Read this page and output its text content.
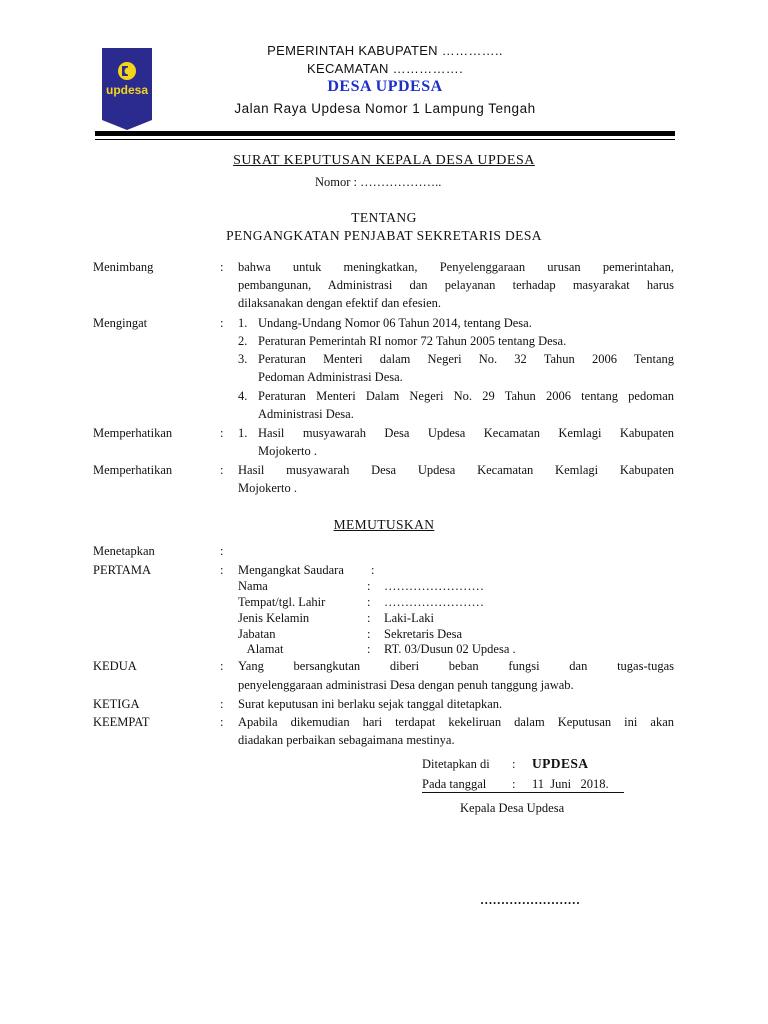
updesa
PEMERINTAH KABUPATEN …………..
KECAMATAN …………….
DESA UPDESA
Jalan Raya Updesa Nomor 1 Lampung Tengah
SURAT KEPUTUSAN KEPALA DESA UPDESA
Nomor : ………………..
TENTANG
PENGANGKATAN PENJABAT SEKRETARIS DESA
Menimbang	: bahwa untuk meningkatkan, Penyelenggaraan urusan pemerintahan,
pembangunan, Administrasi dan pelayanan terhadap masyarakat harus
dilaksanakan dengan efektif dan efesien.
Mengingat	: 1. Undang-Undang Nomor 06 Tahun 2014, tentang Desa.
2. Peraturan Pemerintah RI nomor 72 Tahun 2005 tentang Desa.
3. Peraturan Menteri dalam Negeri No. 32 Tahun 2006 Tentang
Pedoman Administrasi Desa.
4. Peraturan Menteri Dalam Negeri No. 29 Tahun 2006 tentang pedoman
Administrasi Desa.
Memperhatikan	: 1. Hasil musyawarah Desa Updesa Kecamatan Kemlagi Kabupaten
Mojokerto .
Memperhatikan	: Hasil musyawarah Desa Updesa Kecamatan Kemlagi Kabupaten
Mojokerto .
MEMUTUSKAN
Menetapkan	:
PERTAMA	: Mengangkat Saudara :
Nama	: ……………………
Tempat/tgl. Lahir	: ……………………
Jenis Kelamin	: Laki-Laki
Jabatan	: Sekretaris Desa
Alamat	: RT. 03/Dusun 02 Updesa .
KEDUA	: Yang bersangkutan diberi beban fungsi dan tugas-tugas
penyelenggaraan administrasi Desa dengan penuh tanggung jawab.
KETIGA	: Surat keputusan ini berlaku sejak tanggal ditetapkan.
KEEMPAT	: Apabila dikemudian hari terdapat kekeliruan dalam Keputusan ini akan
diadakan perbaikan sebagaimana mestinya.
Ditetapkan di : UPDESA
Pada tanggal : 11  Juni   2018.
Kepala Desa Updesa
……………………
